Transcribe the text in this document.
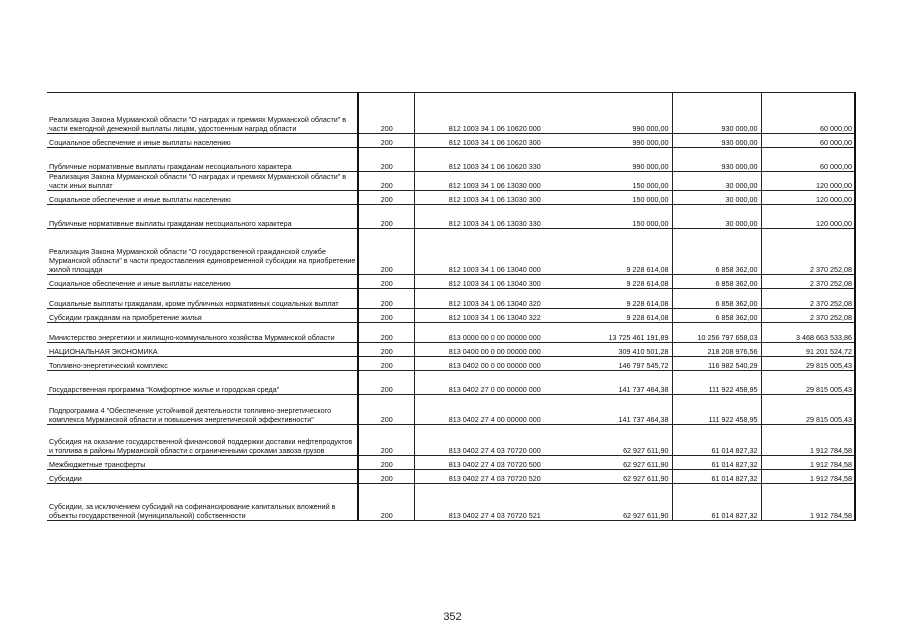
Реализация Закона Мурманской области "О наградах и премиях Мурманской области" в части ежегодной денежной выплаты лицам, удостоенным наград области	200	812 1003 34 1 06 10620 000	990 000,00	930 000,00	60 000,00
Социальное обеспечение и иные выплаты населению	200	812 1003 34 1 06 10620 300	990 000,00	930 000,00	60 000,00
Публичные нормативные выплаты гражданам несоциального характера	200	812 1003 34 1 06 10620 330	990 000,00	930 000,00	60 000,00
Реализация Закона Мурманской области "О наградах и премиях Мурманской области" в части иных выплат	200	812 1003 34 1 06 13030 000	150 000,00	30 000,00	120 000,00
Социальное обеспечение и иные выплаты населению	200	812 1003 34 1 06 13030 300	150 000,00	30 000,00	120 000,00
Публичные нормативные выплаты гражданам несоциального характера	200	812 1003 34 1 06 13030 330	150 000,00	30 000,00	120 000,00
Реализация Закона Мурманской области "О государственной гражданской службе Мурманской области" в части предоставления единовременной субсидии на приобретение жилой площади	200	812 1003 34 1 06 13040 000	9 228 614,08	6 858 362,00	2 370 252,08
Социальное обеспечение и иные выплаты населению	200	812 1003 34 1 06 13040 300	9 228 614,08	6 858 362,00	2 370 252,08
Социальные выплаты гражданам, кроме публичных нормативных социальных выплат	200	812 1003 34 1 06 13040 320	9 228 614,08	6 858 362,00	2 370 252,08
Субсидии гражданам на приобретение жилья	200	812 1003 34 1 06 13040 322	9 228 614,08	6 858 362,00	2 370 252,08
Министерство энергетики и жилищно-коммунального хозяйства Мурманской области	200	813 0000 00 0 00 00000 000	13 725 461 191,89	10 256 797 658,03	3 468 663 533,86
НАЦИОНАЛЬНАЯ ЭКОНОМИКА	200	813 0400 00 0 00 00000 000	309 410 501,28	218 208 976,56	91 201 524,72
Топливно-энергетический комплекс	200	813 0402 00 0 00 00000 000	146 797 545,72	116 982 540,29	29 815 005,43
Государственная программа "Комфортное жилье и городская среда"	200	813 0402 27 0 00 00000 000	141 737 464,38	111 922 458,95	29 815 005,43
Подпрограмма 4 "Обеспечение устойчивой деятельности топливно-энергетического комплекса Мурманской области и повышения энергетической эффективности"	200	813 0402 27 4 00 00000 000	141 737 464,38	111 922 458,95	29 815 005,43
Субсидия на оказание государственной финансовой поддержки доставки нефтепродуктов и топлива в районы Мурманской области с ограниченными сроками завоза грузов	200	813 0402 27 4 03 70720 000	62 927 611,90	61 014 827,32	1 912 784,58
Межбюджетные трансферты	200	813 0402 27 4 03 70720 500	62 927 611,90	61 014 827,32	1 912 784,58
Субсидии	200	813 0402 27 4 03 70720 520	62 927 611,90	61 014 827,32	1 912 784,58
Субсидии, за исключением субсидий на софинансирование капитальных вложений в объекты государственной (муниципальной) собственности	200	813 0402 27 4 03 70720 521	62 927 611,90	61 014 827,32	1 912 784,58
352
